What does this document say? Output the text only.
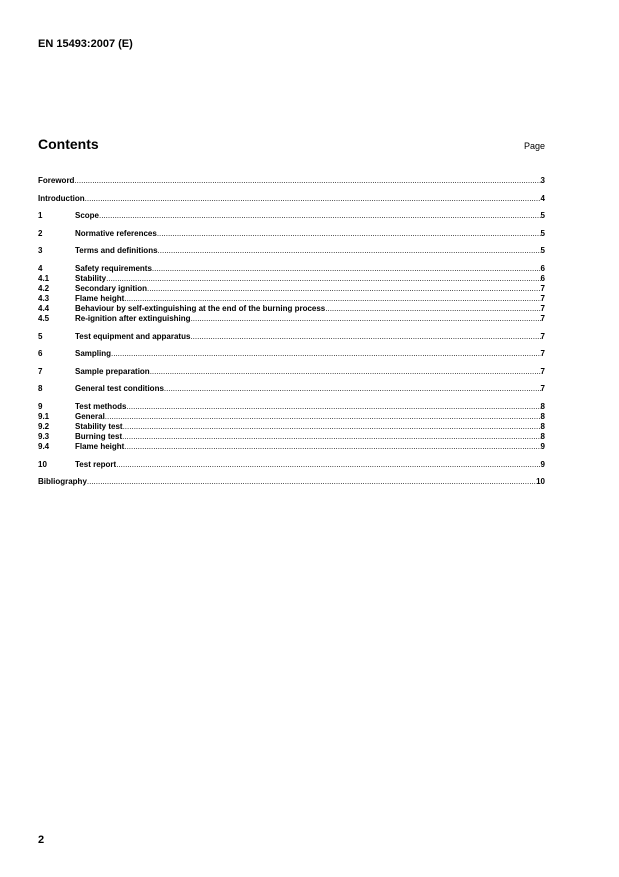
EN 15493:2007 (E)
Contents	Page
Foreword .....	3
Introduction .....	4
1	Scope .....	5
2	Normative references .....	5
3	Terms and definitions .....	5
4	Safety requirements .....	6
4.1	Stability .....	6
4.2	Secondary ignition .....	7
4.3	Flame height .....	7
4.4	Behaviour by self-extinguishing at the end of the burning process .....	7
4.5	Re-ignition after extinguishing .....	7
5	Test equipment and apparatus .....	7
6	Sampling .....	7
7	Sample preparation .....	7
8	General test conditions .....	7
9	Test methods .....	8
9.1	General .....	8
9.2	Stability test .....	8
9.3	Burning test .....	8
9.4	Flame height .....	9
10	Test report .....	9
Bibliography .....	10
2
